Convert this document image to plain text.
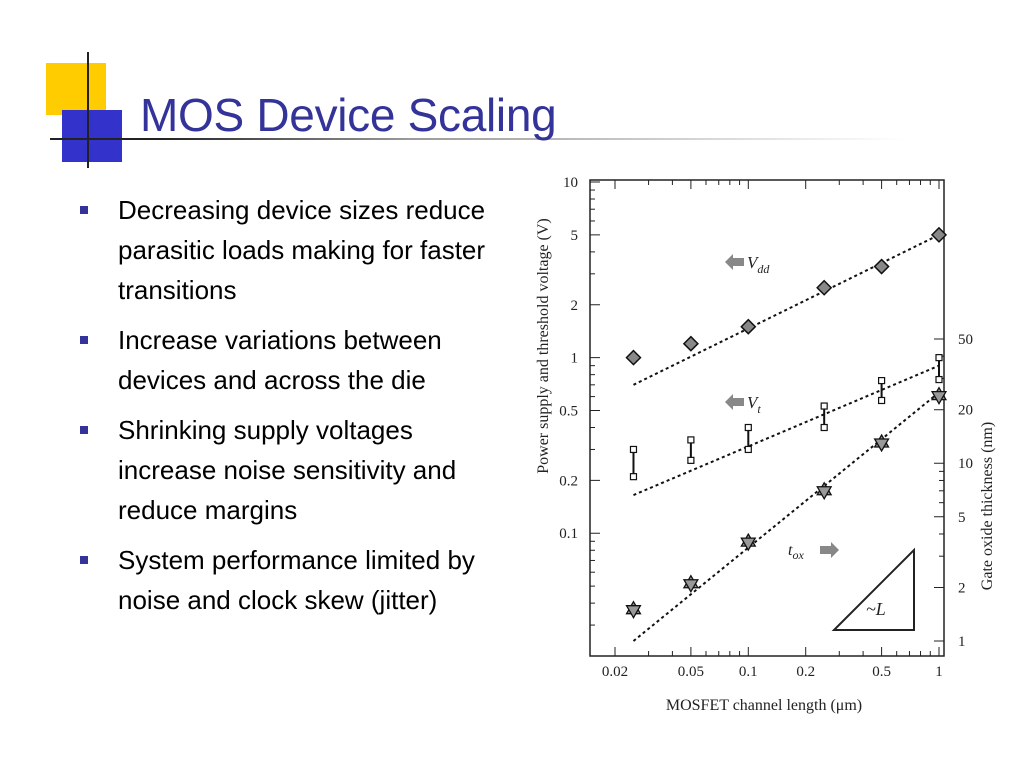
MOS Device Scaling
Decreasing device sizes reduce parasitic loads making for faster transitions
Increase variations between devices and across the die
Shrinking supply voltages increase noise sensitivity and reduce margins
System performance limited by noise and clock skew (jitter)
0.02	0.05 0.1	0.2	0.5	1
0.1
0.2
0.5
1
2
5
10
1
2
5
10
20
50
$V_{dd}$
$V_t$
$t_{ox}$
~L
MOSFET channel length (μm)
Power supply and threshold voltage (V)
Gate oxide thickness (nm)
